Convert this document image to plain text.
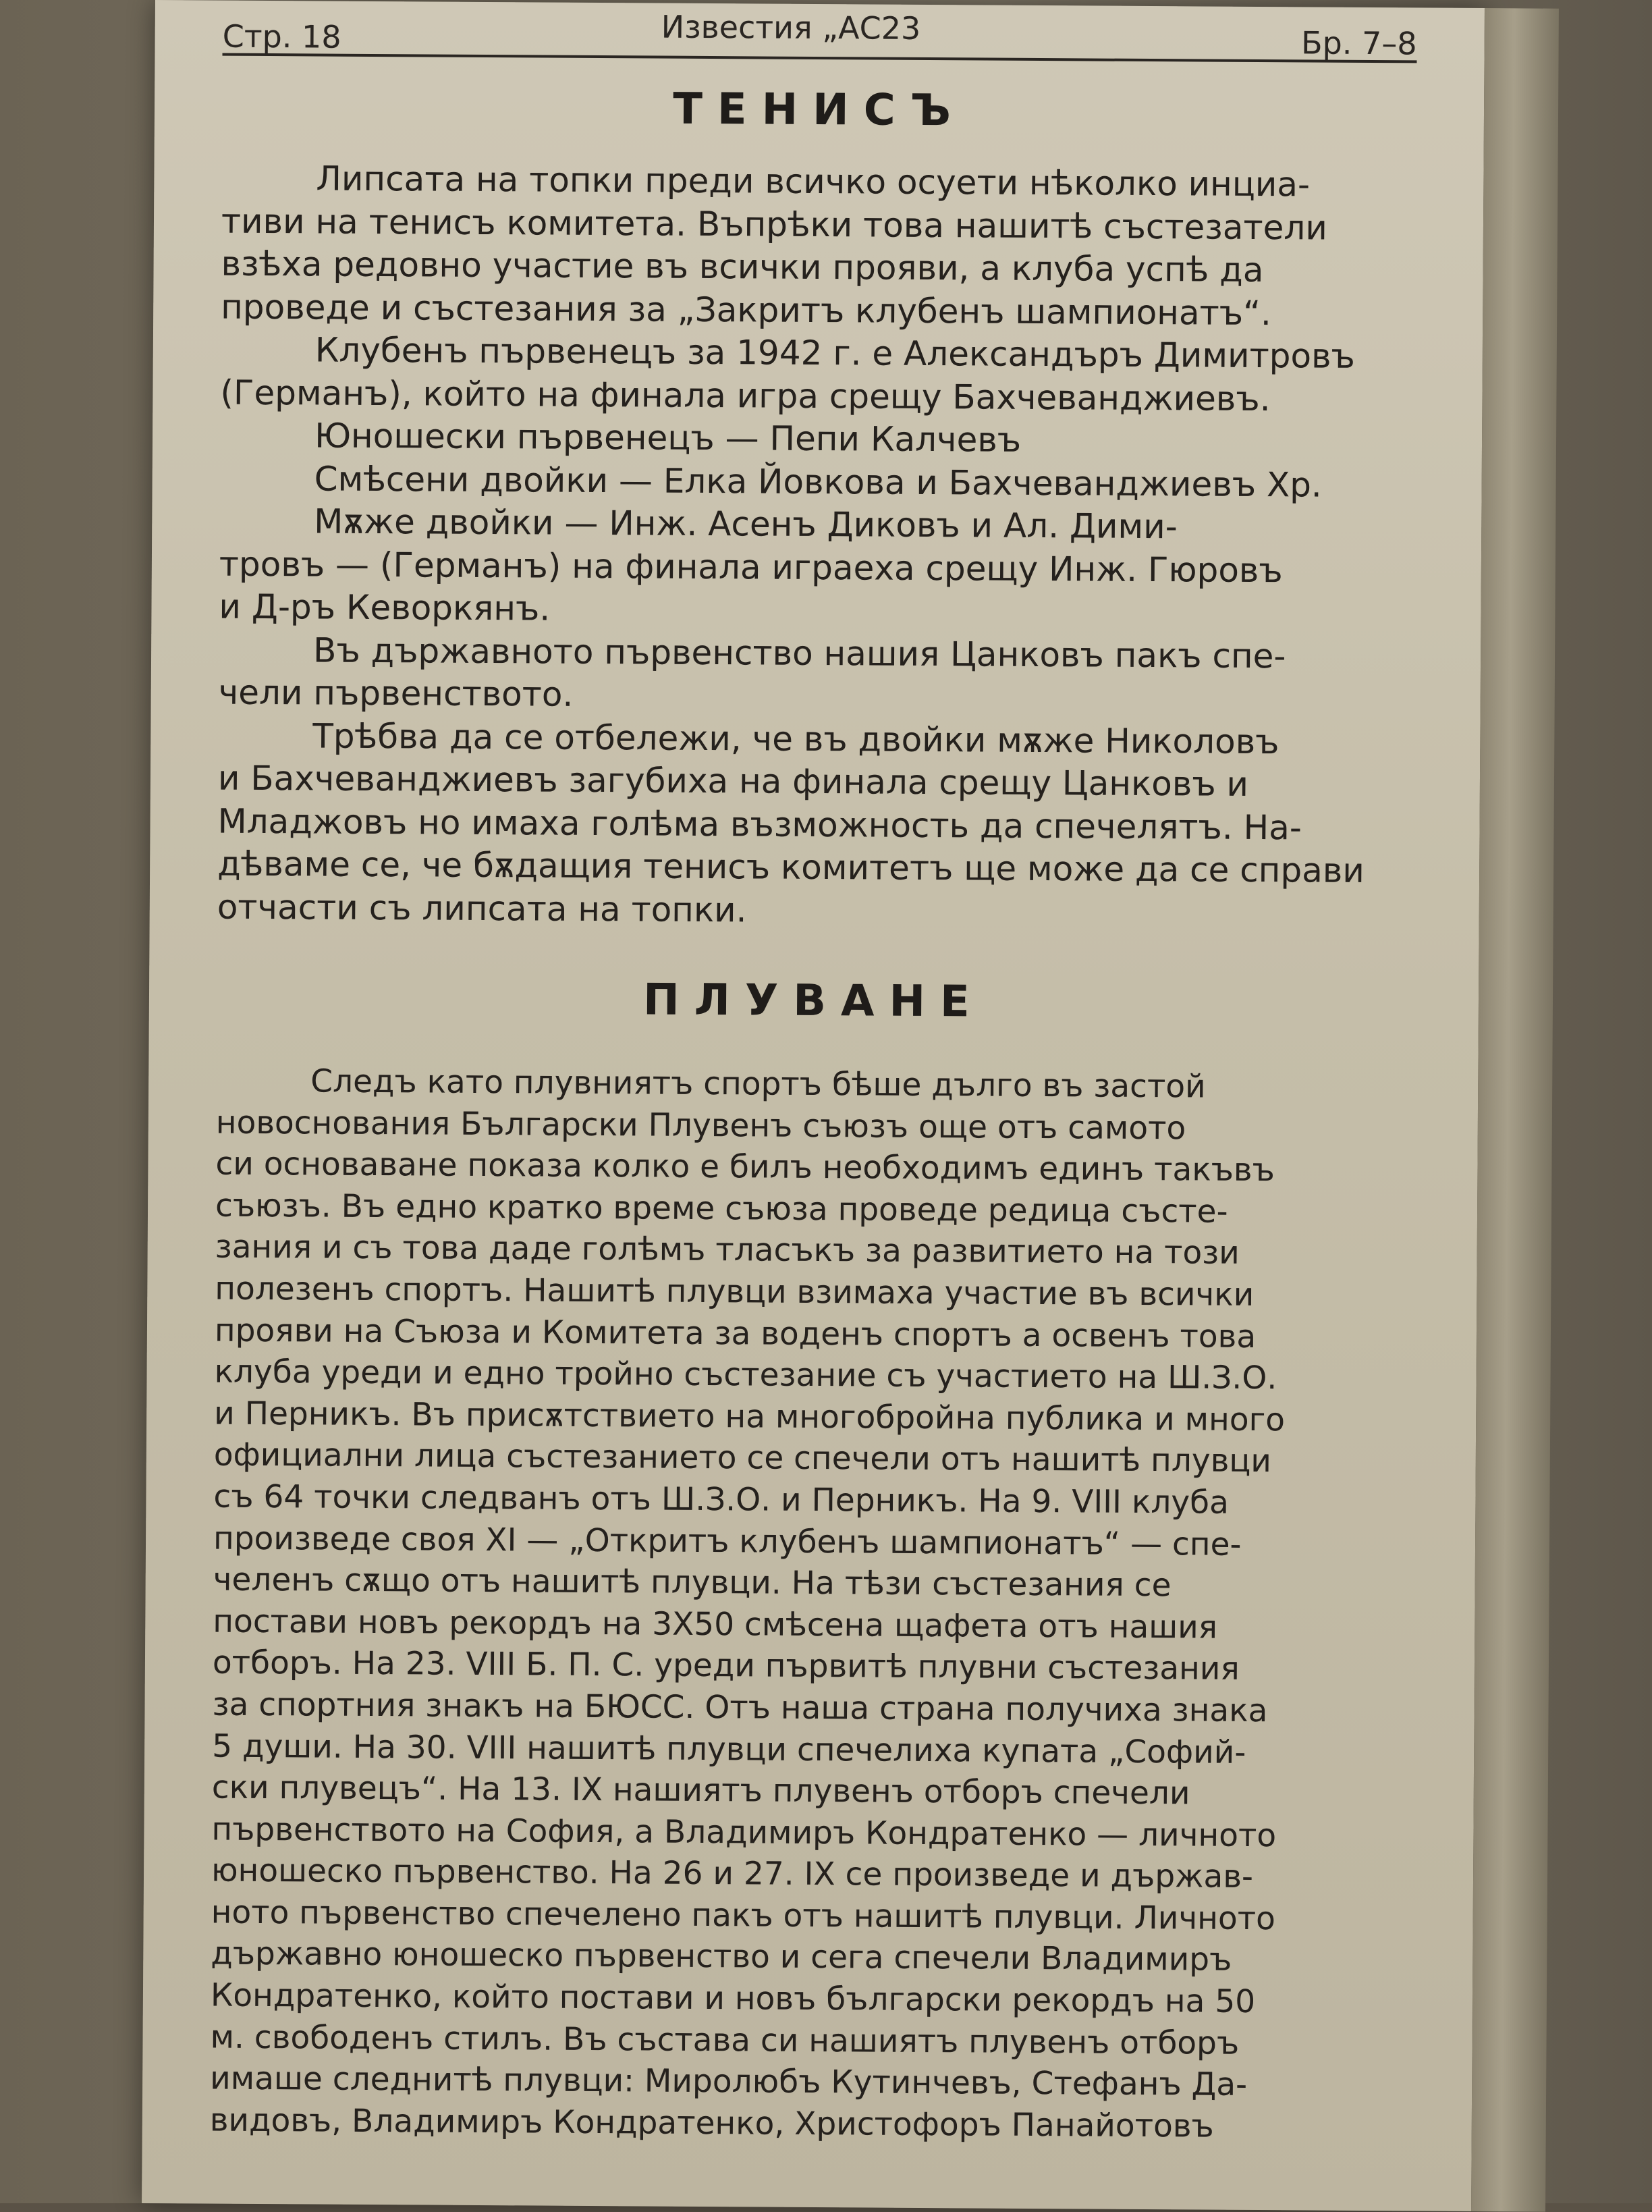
Стр. 18	Известия „АС23	Бр. 7–8
ТЕНИСЪ
Липсата на топки преди всичко осуети нѣколко инциа-
тиви на тенисъ комитета. Въпрѣки това нашитѣ състезатели
взѣха редовно участие въ всички прояви, а клуба успѣ да
проведе и състезания за „Закритъ клубенъ шампионатъ“.
Клубенъ първенецъ за 1942 г. е Александъръ Димитровъ
(Германъ), който на финала игра срещу Бахчеванджиевъ.
Юношески първенецъ — Пепи Калчевъ
Смѣсени двойки — Елка Йовкова и Бахчеванджиевъ Хр.
Мѫже двойки — Инж. Асенъ Диковъ и Ал. Дими-
тровъ — (Германъ) на финала играеха срещу Инж. Гюровъ
и Д-ръ Кеворкянъ.
Въ държавното първенство нашия Цанковъ пакъ спе-
чели първенството.
Трѣбва да се отбележи, че въ двойки мѫже Николовъ
и Бахчеванджиевъ загубиха на финала срещу Цанковъ и
Младжовъ но имаха голѣма възможность да спечелятъ. На-
дѣваме се, че бѫдащия тенисъ комитетъ ще може да се справи
отчасти съ липсата на топки.
ПЛУВАНЕ
Следъ като плувниятъ спортъ бѣше дълго въ застой
новоснования Български Плувенъ съюзъ още отъ самото
си основаване показа колко е билъ необходимъ единъ такъвъ
съюзъ. Въ едно кратко време съюза проведе редица състе-
зания и съ това даде голѣмъ тласъкъ за развитието на този
полезенъ спортъ. Нашитѣ плувци взимаха участие въ всички
прояви на Съюза и Комитета за воденъ спортъ а освенъ това
клуба уреди и едно тройно състезание съ участието на Ш.З.О.
и Перникъ. Въ присѫтствието на многобройна публика и много
официални лица състезанието се спечели отъ нашитѣ плувци
съ 64 точки следванъ отъ Ш.З.О. и Перникъ. На 9. VIII клуба
произведе своя XI — „Откритъ клубенъ шампионатъ“ — спе-
челенъ сѫщо отъ нашитѣ плувци. На тѣзи състезания се
постави новъ рекордъ на 3Х50 смѣсена щафета отъ нашия
отборъ. На 23. VIII Б. П. С. уреди първитѣ плувни състезания
за спортния знакъ на БЮСС. Отъ наша страна получиха знака
5 души. На 30. VIII нашитѣ плувци спечелиха купата „Софий-
ски плувецъ“. На 13. IX нашиятъ плувенъ отборъ спечели
първенството на София, а Владимиръ Кондратенко — личното
юношеско първенство. На 26 и 27. IX се произведе и държав-
ното първенство спечелено пакъ отъ нашитѣ плувци. Личното
държавно юношеско първенство и сега спечели Владимиръ
Кондратенко, който постави и новъ български рекордъ на 50
м. свободенъ стилъ. Въ състава си нашиятъ плувенъ отборъ
имаше следнитѣ плувци: Миролюбъ Кутинчевъ, Стефанъ Да-
видовъ, Владимиръ Кондратенко, Христофоръ Панайотовъ
